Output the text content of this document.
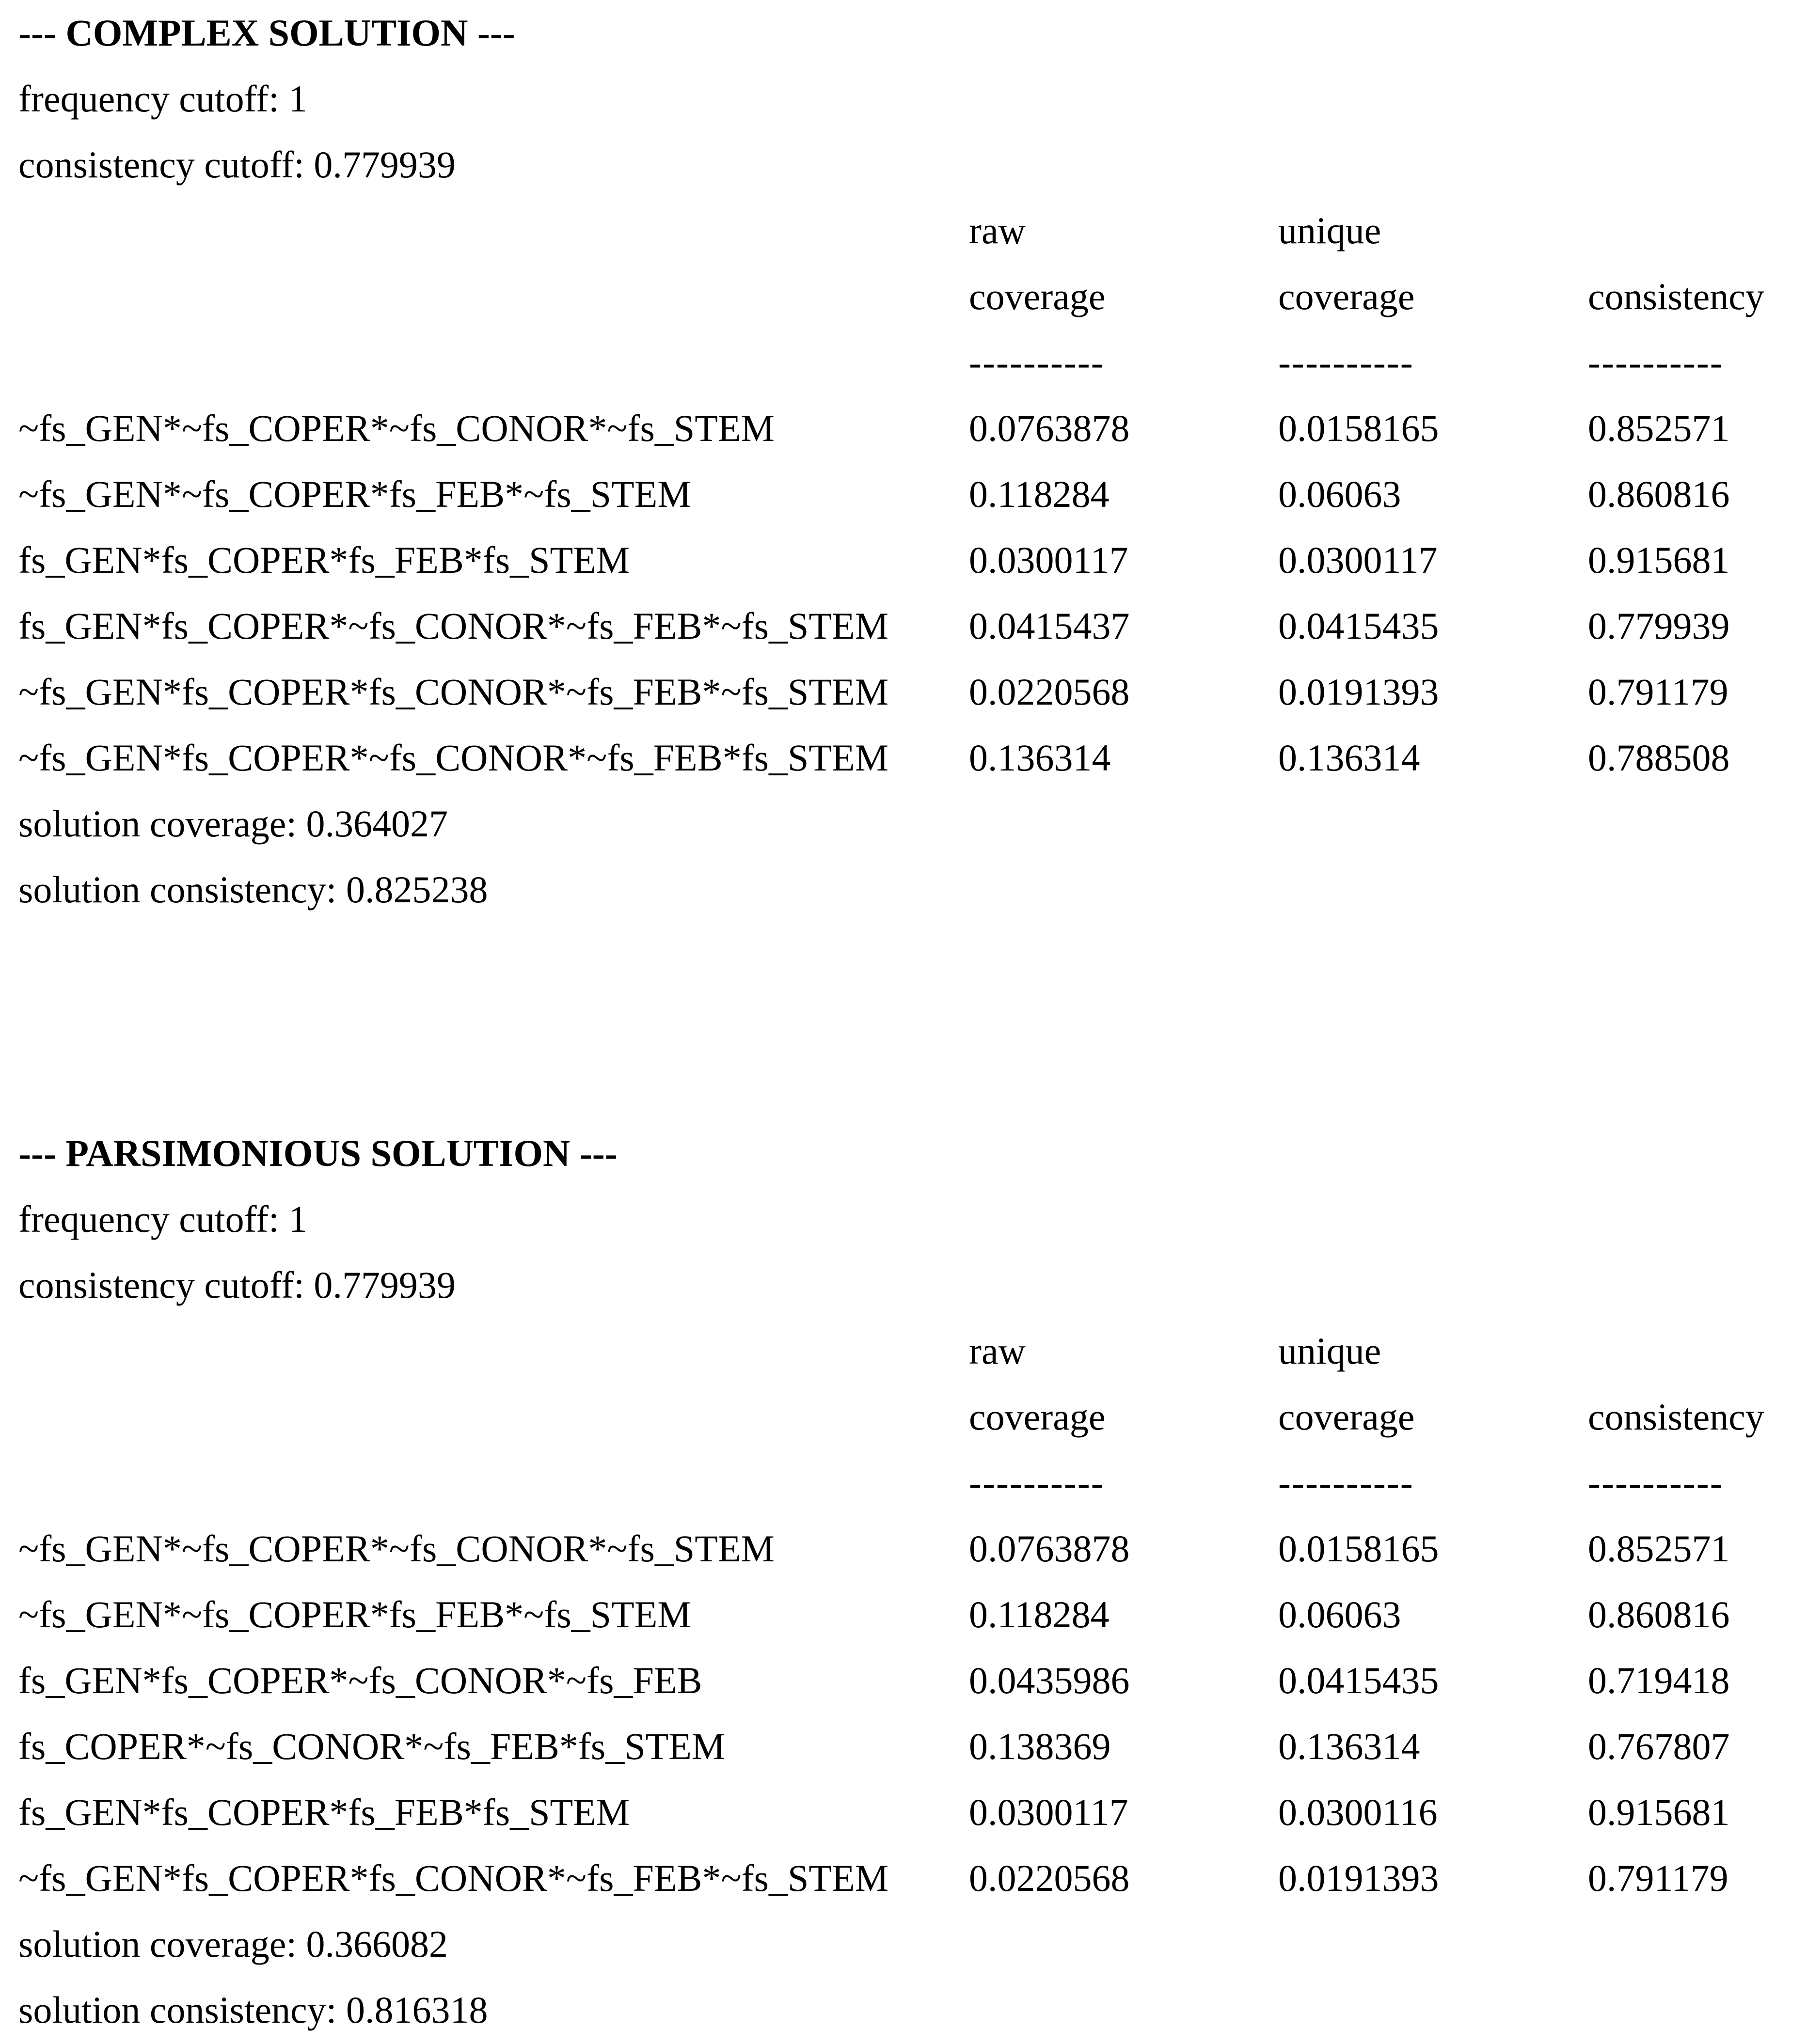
--- COMPLEX SOLUTION ---
frequency cutoff: 1
consistency cutoff: 0.779939
raw	unique
coverage	coverage	consistency
----------	----------	----------
~fs_GEN*~fs_COPER*~fs_CONOR*~fs_STEM	0.0763878	0.0158165	0.852571
~fs_GEN*~fs_COPER*fs_FEB*~fs_STEM	0.118284	0.06063	0.860816
fs_GEN*fs_COPER*fs_FEB*fs_STEM	0.0300117	0.0300117	0.915681
fs_GEN*fs_COPER*~fs_CONOR*~fs_FEB*~fs_STEM 0.0415437	0.0415435	0.779939
~fs_GEN*fs_COPER*fs_CONOR*~fs_FEB*~fs_STEM 0.0220568	0.0191393	0.791179
~fs_GEN*fs_COPER*~fs_CONOR*~fs_FEB*fs_STEM 0.136314	0.136314	0.788508
solution coverage: 0.364027
solution consistency: 0.825238
--- PARSIMONIOUS SOLUTION ---
frequency cutoff: 1
consistency cutoff: 0.779939
raw	unique
coverage	coverage	consistency
----------	----------	----------
~fs_GEN*~fs_COPER*~fs_CONOR*~fs_STEM	0.0763878	0.0158165	0.852571
~fs_GEN*~fs_COPER*fs_FEB*~fs_STEM	0.118284	0.06063	0.860816
fs_GEN*fs_COPER*~fs_CONOR*~fs_FEB	0.0435986	0.0415435	0.719418
fs_COPER*~fs_CONOR*~fs_FEB*fs_STEM	0.138369	0.136314	0.767807
fs_GEN*fs_COPER*fs_FEB*fs_STEM	0.0300117	0.0300116	0.915681
~fs_GEN*fs_COPER*fs_CONOR*~fs_FEB*~fs_STEM 0.0220568	0.0191393	0.791179
solution coverage: 0.366082
solution consistency: 0.816318
